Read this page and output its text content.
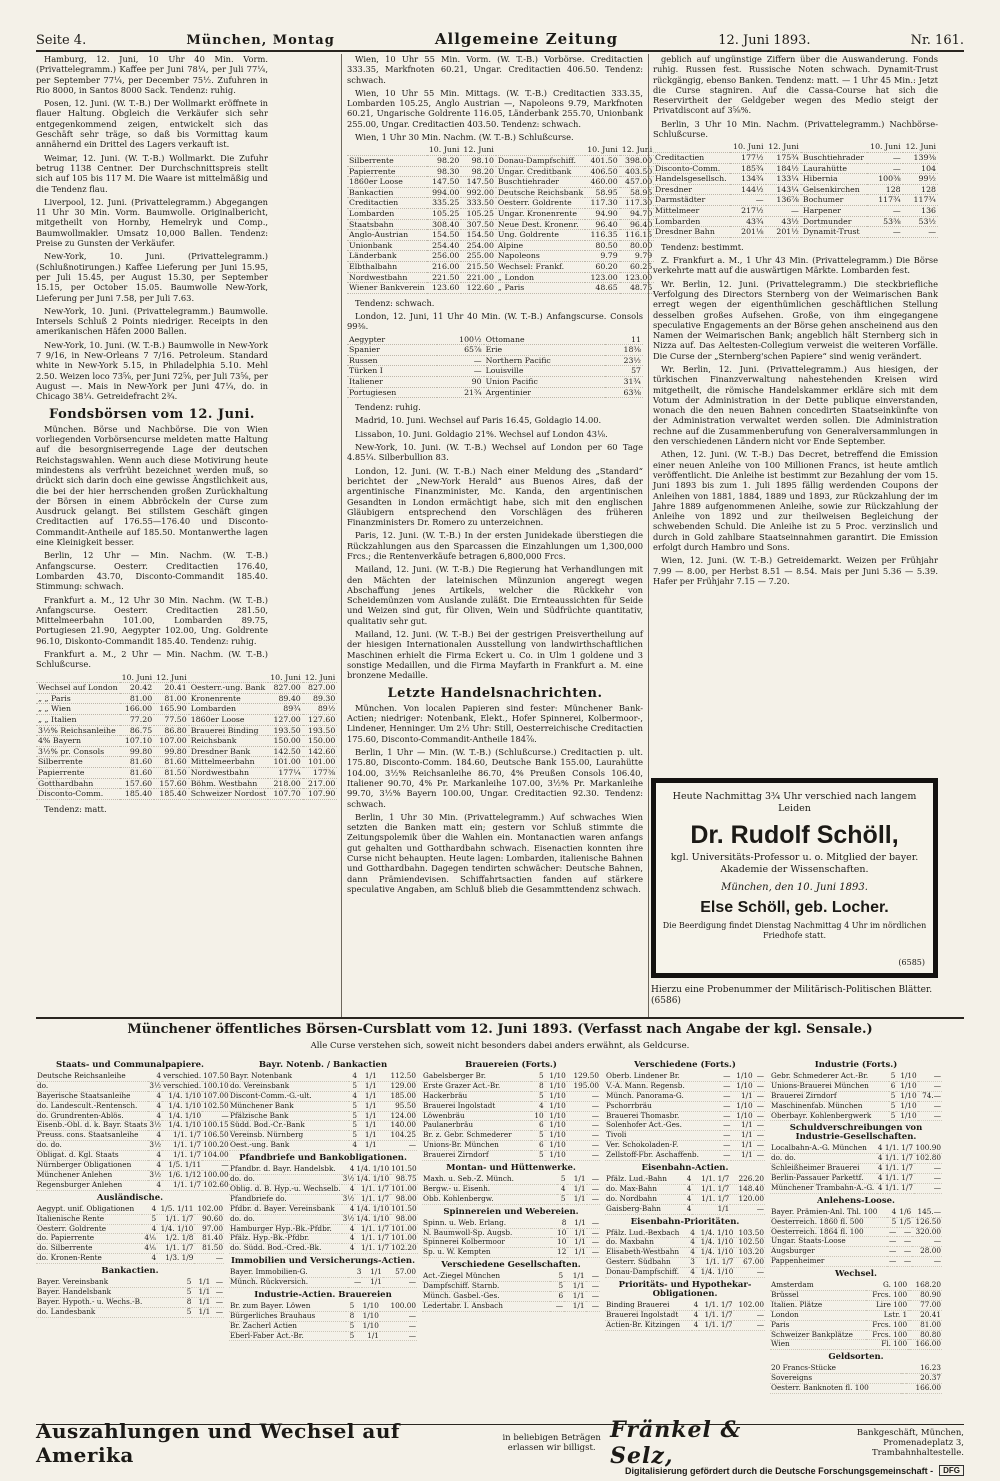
Seite 4.	München, Montag	Allgemeine Zeitung	12. Juni 1893.	Nr. 161.

Hamburg, 12. Juni, 10 Uhr 40 Min. Vorm. (Privattelegramm.) Kaffee per Juni 78¼, per Juli 77¼, per September 77¼, per December 75½. Zufuhren in Rio 8000, in Santos 8000 Sack. Tendenz: ruhig.

Posen, 12. Juni. (W. T.-B.) Der Wollmarkt eröffnete in flauer Haltung. Obgleich die Verkäufer sich sehr entgegenkommend zeigen, entwickelt sich das Geschäft sehr träge, so daß bis Vormittag kaum annähernd ein Drittel des Lagers verkauft ist.

Weimar, 12. Juni. (W. T.-B.) Wollmarkt. Die Zufuhr betrug 1138 Centner. Der Durchschnittspreis stellt sich auf 105 bis 117 M. Die Waare ist mittelmäßig und die Tendenz flau.

Liverpool, 12. Juni. (Privattelegramm.) Abgegangen 11 Uhr 30 Min. Vorm. Baumwolle. Originalbericht, mitgetheilt von Hornby, Hemelryk und Comp., Baumwollmakler. Umsatz 10,000 Ballen. Tendenz: Preise zu Gunsten der Verkäufer.

New-York, 10. Juni. (Privattelegramm.) (Schlußnotirungen.) Kaffee Lieferung per Juni 15.95, per Juli 15.45, per August 15.30, per September 15.15, per October 15.05. Baumwolle New-York, Lieferung per Juni 7.58, per Juli 7.63.

New-York, 10. Juni. (Privattelegramm.) Baumwolle. Intersels Schluß 2 Points niedriger. Receipts in den amerikanischen Häfen 2000 Ballen.

New-York, 10. Juni. (W. T.-B.) Baumwolle in New-York 7 9/16, in New-Orleans 7 7/16. Petroleum. Standard white in New-York 5.15, in Philadelphia 5.10. Mehl 2.50. Weizen loco 73⅝, per Juni 72⅝, per Juli 73⅝, per August —. Mais in New-York per Juni 47¼, do. in Chicago 38¼. Getreidefracht 2¾.

Fondsbörsen vom 12. Juni.

München. Börse und Nachbörse. Die von Wien vorliegenden Vorbörsencurse meldeten matte Haltung auf die besorgniserregende Lage der deutschen Reichstagswahlen. Wenn auch diese Motivirung heute mindestens als verfrüht bezeichnet werden muß, so drückt sich darin doch eine gewisse Ängstlichkeit aus, die bei der hier herrschenden großen Zurückhaltung der Börsen in einem Abbröckeln der Curse zum Ausdruck gelangt. Bei stillstem Geschäft gingen Creditactien auf 176.55—176.40 und Disconto-Commandit-Antheile auf 185.50. Montanwerthe lagen eine Kleinigkeit besser.

Berlin, 12 Uhr — Min. Nachm. (W. T.-B.) Anfangscurse. Oesterr. Creditactien 176.40, Lombarden 43.70, Disconto-Commandit 185.40. Stimmung: schwach.

Frankfurt a. M., 12 Uhr 30 Min. Nachm. (W. T.-B.) Anfangscurse. Oesterr. Creditactien 281.50, Mittelmeerbahn 101.00, Lombarden 89.75, Portugiesen 21.90, Aegypter 102.00, Ung. Goldrente 96.10, Diskonto-Commandit 185.40. Tendenz: ruhig.

Frankfurt a. M., 2 Uhr — Min. Nachm. (W. T.-B.) Schlußcurse.

	10. Juni	12. Juni		10. Juni	12. Juni
Wechsel auf London	20.42	20.41	Oesterr.-ung. Bank	827.00	827.00
„ „ Paris	81.00	81.00	Kronenrente	89.40	89.30
„ „ Wien	166.00	165.90	Lombarden	89¾	89½
„ „ Italien	77.20	77.50	1860er Loose	127.00	127.60
3½% Reichsanleihe	86.75	86.80	Brauerei Binding	193.50	193.50
4% Bayern	107.10	107.00	Reichsbank	150.00	150.00
3½% pr. Consols	99.80	99.80	Dresdner Bank	142.50	142.60
Silberrente	81.60	81.60	Mittelmeerbahn	101.00	101.00
Papierrente	81.60	81.50	Nordwestbahn	177¼	177⅜
Gotthardbahn	157.60	157.60	Böhm. Westbahn	218.00	217.00
Disconto-Comm.	185.40	185.40	Schweizer Nordost	107.70	107.90

Tendenz: matt.

Wien, 10 Uhr 55 Min. Vorm. (W. T.-B.) Vorbörse. Creditactien 333.35, Markfnoten 60.21, Ungar. Creditactien 406.50. Tendenz: schwach.

Wien, 10 Uhr 55 Min. Mittags. (W. T.-B.) Creditactien 333.35, Lombarden 105.25, Anglo Austrian —, Napoleons 9.79, Markfnoten 60.21, Ungarische Goldrente 116.05, Länderbank 255.70, Unionbank 255.00, Ungar. Creditactien 403.50. Tendenz: schwach.

Wien, 1 Uhr 30 Min. Nachm. (W. T.-B.) Schlußcurse.

	10. Juni	12. Juni		10. Juni	12. Juni
Silberrente	98.20	98.10	Donau-Dampfschiff.	401.50	398.00
Papierrente	98.30	98.20	Ungar. Creditbank	406.50	403.50
1860er Loose	147.50	147.50	Buschtiehrader	460.00	457.00
Bankactien	994.00	992.00	Deutsche Reichsbank	58.95	58.95
Creditactien	335.25	333.50	Oesterr. Goldrente	117.30	117.30
Lombarden	105.25	105.25	Ungar. Kronenrente	94.90	94.70
Staatsbahn	308.40	307.50	Neue Dest. Kronenr.	96.40	96.40
Anglo-Austrian	154.50	154.50	Ung. Goldrente	116.35	116.15
Unionbank	254.40	254.00	Alpine	80.50	80.00
Länderbank	256.00	255.00	Napoleons	9.79	9.79
Elbthalbahn	216.00	215.50	Wechsel: Frankf.	60.20	60.25
Nordwestbahn	221.50	221.00	„ London	123.00	123.00
Wiener Bankverein	123.60	122.60	„ Paris	48.65	48.75

Tendenz: schwach.

London, 12. Juni, 11 Uhr 40 Min. (W. T.-B.) Anfangscurse. Consols 99⅜.

Aegypter	100½	Ottomane	11
Spanier	65⅞	Erie	18⅜
Russen	—	Northern Pacific	23½
Türken I	—	Louisville	57
Italiener	90	Union Pacific	31¾
Portugiesen	21¾	Argentinier	63⅜

Tendenz: ruhig.

Madrid, 10. Juni. Wechsel auf Paris 16.45, Goldagio 14.00.

Lissabon, 10. Juni. Goldagio 21%. Wechsel auf London 43⅛.

New-York, 10. Juni. (W. T.-B.) Wechsel auf London per 60 Tage 4.85¼. Silberbullion 83.

London, 12. Juni. (W. T.-B.) Nach einer Meldung des „Standard“ berichtet der „New-York Herald“ aus Buenos Aires, daß der argentinische Finanzminister, Mc. Kanda, den argentinischen Gesandten in London ermächtigt habe, sich mit den englischen Gläubigern entsprechend den Vorschlägen des früheren Finanzministers Dr. Romero zu unterzeichnen.

Paris, 12. Juni. (W. T.-B.) In der ersten Junidekade überstiegen die Rückzahlungen aus den Sparcassen die Einzahlungen um 1,300,000 Frcs.; die Rentenverkäufe betragen 6,800,000 Frcs.

Mailand, 12. Juni. (W. T.-B.) Die Regierung hat Verhandlungen mit den Mächten der lateinischen Münzunion angeregt wegen Abschaffung jenes Artikels, welcher die Rückkehr von Scheidemünzen vom Auslande zuläßt. Die Ernteaussichten für Seide und Weizen sind gut, für Oliven, Wein und Südfrüchte quantitativ, qualitativ sehr gut.

Mailand, 12. Juni. (W. T.-B.) Bei der gestrigen Preisvertheilung auf der hiesigen Internationalen Ausstellung von landwirthschaftlichen Maschinen erhielt die Firma Eckert u. Co. in Ulm 1 goldene und 3 sonstige Medaillen, und die Firma Mayfarth in Frankfurt a. M. eine bronzene Medaille.

Letzte Handelsnachrichten.

München. Von localen Papieren sind fester: Münchener Bank-Actien; niedriger: Notenbank, Elekt., Hofer Spinnerei, Kolbermoor-, Lindener, Henninger. Um 2½ Uhr: Still, Oesterreichische Creditactien 175.60, Disconto-Commandit-Antheile 184⅞.

Berlin, 1 Uhr — Min. (W. T.-B.) (Schlußcurse.) Creditactien p. ult. 175.80, Disconto-Comm. 184.60, Deutsche Bank 155.00, Laurahütte 104.00, 3½% Reichsanleihe 86.70, 4% Preußen Consols 106.40, Italiener 90.70, 4% Pr. Markanleihe 107.00, 3½% Pr. Markanleihe 99.70, 3½% Bayern 100.00, Ungar. Creditactien 92.30. Tendenz: schwach.

Berlin, 1 Uhr 30 Min. (Privattelegramm.) Auf schwaches Wien setzten die Banken matt ein; gestern vor Schluß stimmte die Zeitungspolemik über die Wahlen ein. Montanactien waren anfangs gut gehalten und Gotthardbahn schwach. Eisenactien konnten ihre Curse nicht behaupten. Heute lagen: Lombarden, italienische Bahnen und Gotthardbahn. Dagegen tendirten schwächer: Deutsche Bahnen, dann Prämiendevisen. Schiffahrtsactien fanden auf stärkere speculative Angaben, am Schluß blieb die Gesammttendenz schwach.

geblich auf ungünstige Ziffern über die Auswanderung. Fonds ruhig. Russen fest. Russische Noten schwach. Dynamit-Trust rückgängig, ebenso Banken. Tendenz: matt. — 1 Uhr 45 Min.: Jetzt die Curse stagniren. Auf die Cassa-Course hat sich die Reservirtheit der Geldgeber wegen des Medio steigt der Privatdiscont auf 3⅝%.

Berlin, 3 Uhr 10 Min. Nachm. (Privattelegramm.) Nachbörse-Schlußcurse.

	10. Juni	12. Juni		10. Juni	12. Juni
Creditactien	177½	175¾	Buschtiehrader	—	139⅜
Disconto-Comm.	185¾	184½	Laurahütte	—	104
Handelsgesellsch.	134¾	133¼	Hibernia	100⅜	99½
Dresdner	144½	143¼	Gelsenkirchen	128	128
Darmstädter	—	136⅞	Bochumer	117¾	117¾
Mittelmeer	217½	—	Harpener	—	136
Lombarden	43¾	43½	Dortmunder	53⅜	53½
Dresdner Bahn	201⅛	201½	Dynamit-Trust	—	—

Tendenz: bestimmt.

Z. Frankfurt a. M., 1 Uhr 43 Min. (Privattelegramm.) Die Börse verkehrte matt auf die auswärtigen Märkte. Lombarden fest.

Wr. Berlin, 12. Juni. (Privattelegramm.) Die steckbriefliche Verfolgung des Directors Sternberg von der Weimarischen Bank erregt wegen der eigenthümlichen geschäftlichen Stellung desselben großes Aufsehen. Große, von ihm eingegangene speculative Engagements an der Börse gehen anscheinend aus den Namen der Weimarischen Bank; angeblich hält Sternberg sich in Nizza auf. Das Aeltesten-Collegium verweist die weiteren Vorfälle. Die Curse der „Sternberg'schen Papiere“ sind wenig verändert.

Wr. Berlin, 12. Juni. (Privattelegramm.) Aus hiesigen, der türkischen Finanzverwaltung nahestehenden Kreisen wird mitgetheilt, die römische Handelskammer erkläre sich mit dem Votum der Administration in der Dette publique einverstanden, wonach die den neuen Bahnen concedirten Staatseinkünfte von der Administration verwaltet werden sollen. Die Administration rechne auf die Zusammenberufung von Generalversammlungen in den verschiedenen Ländern nicht vor Ende September.

Athen, 12. Juni. (W. T.-B.) Das Decret, betreffend die Emission einer neuen Anleihe von 100 Millionen Francs, ist heute amtlich veröffentlicht. Die Anleihe ist bestimmt zur Bezahlung der vom 15. Juni 1893 bis zum 1. Juli 1895 fällig werdenden Coupons der Anleihen von 1881, 1884, 1889 und 1893, zur Rückzahlung der im Jahre 1889 aufgenommenen Anleihe, sowie zur Rückzahlung der Anleihe von 1892 und zur theilweisen Begleichung der schwebenden Schuld. Die Anleihe ist zu 5 Proc. verzinslich und durch in Gold zahlbare Staatseinnahmen garantirt. Die Emission erfolgt durch Hambro und Sons.

Wien, 12. Juni. (W. T.-B.) Getreidemarkt. Weizen per Frühjahr 7.99 — 8.00, per Herbst 8.51 — 8.54. Mais per Juni 5.36 — 5.39. Hafer per Frühjahr 7.15 — 7.20.

Heute Nachmittag 3¾ Uhr verschied nach langem Leiden
Dr. Rudolf Schöll,
kgl. Universitäts-Professor u. o. Mitglied der bayer. Akademie der Wissenschaften.
München, den 10. Juni 1893.
Else Schöll, geb. Locher.
Die Beerdigung findet Dienstag Nachmittag 4 Uhr im nördlichen Friedhofe statt.
(6585)
Hierzu eine Probenummer der Militärisch-Politischen Blätter. (6586)
Münchener öffentliches Börsen-Cursblatt vom 12. Juni 1893. (Verfasst nach Angabe der kgl. Sensale.)
Alle Curse verstehen sich, soweit nicht besonders dabei anders erwähnt, als Geldcurse.
Staats- und Communalpapiere.
Deutsche Reichsanleihe	4	verschied.	107.50
do.	3½	verschied.	100.10
Bayerische Staatsanleihe	4	1/4. 1/10	107.00
do. Landescult.-Rentensch.	4	1/4. 1/10	102.50
do. Grundrenten-Ablös.	4	1/4. 1/10	—
Eisenb.-Obl. d. k. Bayr. Staats	3½	1/4. 1/10	100.15
Preuss. cons. Staatsanleihe	4	1/1. 1/7	106.50
do. do.	3½	1/1. 1/7	100.20
Obligat. d. Kgl. Staats	4	1/1. 1/7	104.00
Nürnberger Obligationen	4	1/5. 1/11	—
Münchener Anlehen	3½	1/6. 1/12	100.00
Regensburger Anlehen	4	1/1. 1/7	102.60
Ausländische.
Aegypt. unif. Obligationen	4	1/5. 1/11	102.00
Italienische Rente	5	1/1. 1/7	90.60
Oesterr. Goldrente	4	1/4. 1/10	97.00
do. Papierrente	4⅕	1/2. 1/8	81.40
do. Silberrente	4⅕	1/1. 1/7	81.50
do. Kronen-Rente	4	1/3. 1/9	—
Bankactien.
Bayer. Vereinsbank	5	1/1	—
Bayer. Handelsbank	5	1/1	—
Bayer. Hypoth.- u. Wechs.-B.	8	1/1	—
do. Landesbank	5	1/1	—
Bayr. Notenb. / Bankactien
Bayr. Notenbank	4	1/1	112.50
do. Vereinsbank	5	1/1	129.00
Discont-Comm.-G.-ult.	4	1/1	185.00
Münchener Bank	5	1/1	95.50
Pfälzische Bank	5	1/1	124.00
Südd. Bod.-Cr.-Bank	5	1/1	140.00
Vereinsb. Nürnberg	5	1/1	104.25
Oest.-ung. Bank	4	1/1	—
Pfandbriefe und Bankobligationen.
Pfandbr. d. Bayr. Handelsbk.	4	1/4. 1/10	101.50
do. do.	3½	1/4. 1/10	98.75
Oblig. d. B. Hyp.-u. Wechselb.	4	1/1. 1/7	101.00
Pfandbriefe do.	3½	1/1. 1/7	98.00
Pfdbr. d. Bayer. Vereinsbank	4	1/4. 1/10	101.50
do. do.	3½	1/4. 1/10	98.00
Hamburger Hyp.-Bk.-Pfdbr.	4	1/1. 1/7	101.00
Pfälz. Hyp.-Bk.-Pfdbr.	4	1/1. 1/7	101.00
do. Südd. Bod.-Cred.-Bk.	4	1/1. 1/7	102.20
Immobilien und Versicherungs-Actien.
Bayer. Immobilien-G.	3	1/1	57.00
Münch. Rückversich.	—	1/1	—
Industrie-Actien. Brauereien
Br. zum Bayer. Löwen	5	1/10	100.00
Bürgerliches Brauhaus	8	1/10	—
Br. Zacherl Actien	5	1/10	—
Eberl-Faber Act.-Br.	5	1/1	—
Brauereien (Forts.)
Gabelsberger Br.	5	1/10	129.50
Erste Grazer Act.-Br.	8	1/10	195.00
Hackerbräu	5	1/10	—
Brauerei Ingolstadt	4	1/10	—
Löwenbräu	10	1/10	—
Paulanerbräu	6	1/10	—
Br. z. Gebr. Schmederer	5	1/10	—
Unions-Br. München	6	1/10	—
Brauerei Zirndorf	5	1/10	—
Montan- und Hüttenwerke.
Maxh. u. Seb.-Z. Münch.	5	1/1	—
Bergw.- u. Eisenh.	4	1/1	—
Obb. Kohlenbergw.	5	1/1	—
Spinnereien und Webereien.
Spinn. u. Web. Erlang.	8	1/1	—
N. Baumwoll-Sp. Augsb.	10	1/1	—
Spinnerei Kolbermoor	10	1/1	—
Sp. u. W. Kempten	12	1/1	—
Verschiedene Gesellschaften.
Act.-Ziegel München	5	1/1	—
Dampfschiff. Starnb.	5	1/1	—
Münch. Gasbel.-Ges.	6	1/1	—
Ledertabr. I. Ansbach	—	1/1	—
Verschiedene (Forts.)
Oberb. Lindener Br.	—	1/10	—
V.-A. Mann. Regensb.	—	1/10	—
Münch. Panorama-G.	—	1/1	—
Pschorrbräu	—	1/10	—
Brauerei Thomasbr.	—	1/10	—
Solenhofer Act.-Ges.	—	1/1	—
Tivoli	—	1/1	—
Ver. Schokoladen-F.	—	1/1	—
Zellstoff-Fbr. Aschaffenb.	—	1/1	—
Eisenbahn-Actien.
Pfälz. Lud.-Bahn	4	1/1. 1/7	226.20
do. Max-Bahn	4	1/1. 1/7	148.40
do. Nordbahn	4	1/1. 1/7	120.00
Gaisberg-Bahn	4	1/1	—
Eisenbahn-Prioritäten.
Pfälz. Lud.-Bexbach	4	1/4. 1/10	103.50
do. Maxbahn	4	1/4. 1/10	102.50
Elisabeth-Westbahn	4	1/4. 1/10	103.20
Gesterr. Südbahn	3	1/1. 1/7	67.00
Donau-Dampfschiff.	4	1/4. 1/10	—
Prioritäts- und Hypothekar-Obligationen.
Binding Brauerei	4	1/1. 1/7	102.00
Brauerei Ingolstadt	4	1/1. 1/7	—
Actien-Br. Kitzingen	4	1/1. 1/7	—
Industrie (Forts.)
Gebr. Schmederer Act.-Br.	5	1/10	—
Unions-Brauerei München	6	1/10	—
Brauerei Zirndorf	5	1/10	74.—
Maschinenfab. München	5	1/10	—
Oberbayr. Kohlenbergwerk	5	1/10	—
Schuldverschreibungen von Industrie-Gesellschaften.
Localbahn-A.-G. München	4	1/1. 1/7	100.90
do. do.	4	1/1. 1/7	102.80
Schleißheimer Brauerei	4	1/1. 1/7	—
Berlin-Passauer Parkettf.	4	1/1. 1/7	—
Münchener Trambahn-A.-G.	4	1/1. 1/7	—
Anlehens-Loose.
Bayer. Prämien-Anl. Thl. 100	4	1/6	145.—
Oesterreich. 1860 fl. 500	5	1/5	126.50
Oesterreich. 1864 fl. 100	—	—	320.00
Ungar. Staats-Loose	—	—	—
Augsburger	—	—	28.00
Pappenheimer	—	—	—
Wechsel.
Amsterdam	G. 100		168.20
Brüssel	Frcs. 100		80.90
Italien. Plätze	Lire 100		77.00
London	Lstr. 1		20.41
Paris	Frcs. 100		81.00
Schweizer Bankplätze	Frcs. 100		80.80
Wien	Fl. 100		166.00
Geldsorten.
20 Francs-Stücke			16.23
Sovereigns			20.37
Oesterr. Banknoten fl. 100			166.00
Auszahlungen und Wechsel auf Amerika
in beliebigen Beträgen erlassen wir billigst.
Fränkel & Selz,
Bankgeschäft, München, Promenadeplatz 3, Trambahnhaltestelle.
Digitalisierung gefördert durch die Deutsche Forschungsgemeinschaft -	DFG
